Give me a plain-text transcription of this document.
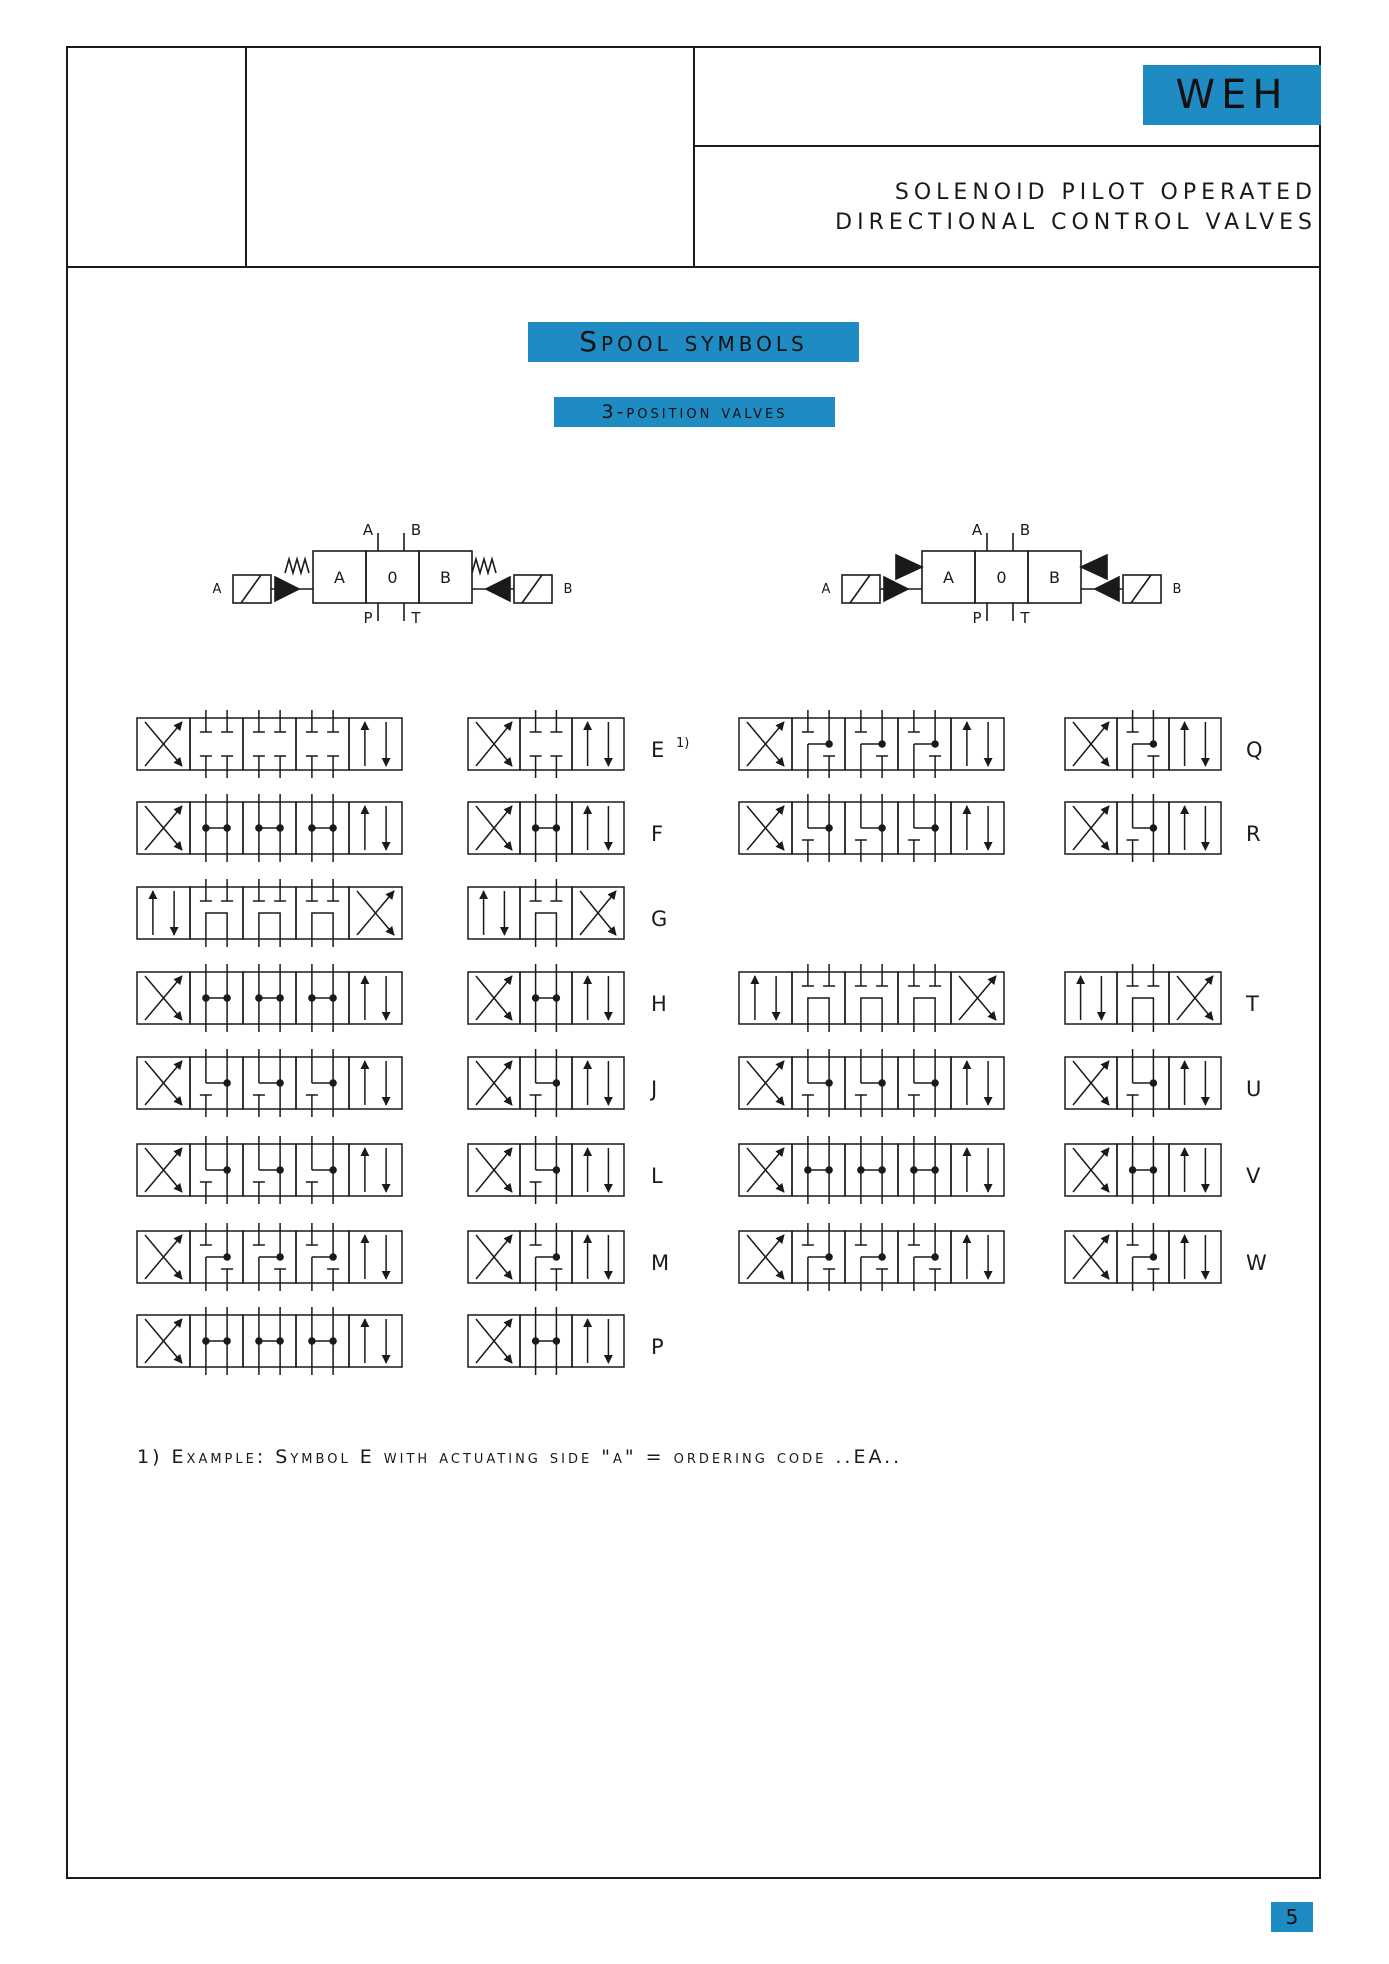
WEH
SOLENOID PILOT OPERATED
DIRECTIONAL CONTROL VALVES
Spool symbols
3-position valves
A	0	B
A	B
P	T
A	B
A	0	B
A	B
P	T
A	B
E 1)
F
G
H
J
L
M
P
Q
R
T
U
V
W
1) Example: Symbol E with actuating side "a" = ordering code ..EA..
5
